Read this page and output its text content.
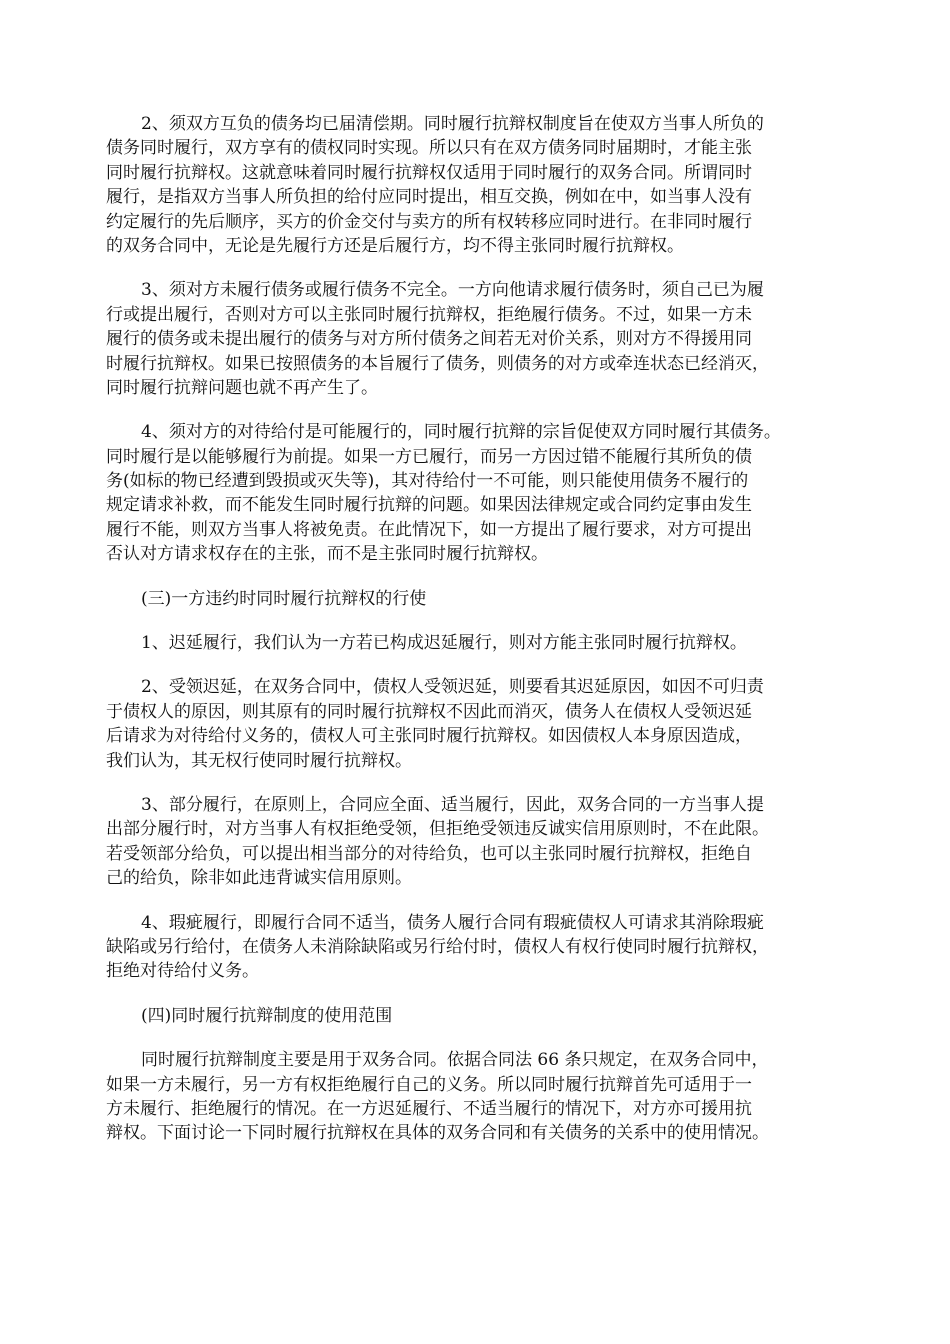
2、须双方互负的债务均已届清偿期。同时履行抗辩权制度旨在使双方当事人所负的
债务同时履行，双方享有的债权同时实现。所以只有在双方债务同时届期时，才能主张
同时履行抗辩权。这就意味着同时履行抗辩权仅适用于同时履行的双务合同。所谓同时
履行，是指双方当事人所负担的给付应同时提出，相互交换，例如在中，如当事人没有
约定履行的先后顺序，买方的价金交付与卖方的所有权转移应同时进行。在非同时履行
的双务合同中，无论是先履行方还是后履行方，均不得主张同时履行抗辩权。
3、须对方未履行债务或履行债务不完全。一方向他请求履行债务时，须自己已为履
行或提出履行，否则对方可以主张同时履行抗辩权，拒绝履行债务。不过，如果一方未
履行的债务或未提出履行的债务与对方所付债务之间若无对价关系，则对方不得援用同
时履行抗辩权。如果已按照债务的本旨履行了债务，则债务的对方或牵连状态已经消灭，
同时履行抗辩问题也就不再产生了。
4、须对方的对待给付是可能履行的，同时履行抗辩的宗旨促使双方同时履行其债务。
同时履行是以能够履行为前提。如果一方已履行，而另一方因过错不能履行其所负的债
务(如标的物已经遭到毁损或灭失等)，其对待给付一不可能，则只能使用债务不履行的
规定请求补救，而不能发生同时履行抗辩的问题。如果因法律规定或合同约定事由发生
履行不能，则双方当事人将被免责。在此情况下，如一方提出了履行要求，对方可提出
否认对方请求权存在的主张，而不是主张同时履行抗辩权。
(三)一方违约时同时履行抗辩权的行使
1、迟延履行，我们认为一方若已构成迟延履行，则对方能主张同时履行抗辩权。
2、受领迟延，在双务合同中，债权人受领迟延，则要看其迟延原因，如因不可归责
于债权人的原因，则其原有的同时履行抗辩权不因此而消灭，债务人在债权人受领迟延
后请求为对待给付义务的，债权人可主张同时履行抗辩权。如因债权人本身原因造成，
我们认为，其无权行使同时履行抗辩权。
3、部分履行，在原则上，合同应全面、适当履行，因此，双务合同的一方当事人提
出部分履行时，对方当事人有权拒绝受领，但拒绝受领违反诚实信用原则时，不在此限。
若受领部分给负，可以提出相当部分的对待给负，也可以主张同时履行抗辩权，拒绝自
己的给负，除非如此违背诚实信用原则。
4、瑕疵履行，即履行合同不适当，债务人履行合同有瑕疵债权人可请求其消除瑕疵
缺陷或另行给付，在债务人未消除缺陷或另行给付时，债权人有权行使同时履行抗辩权，
拒绝对待给付义务。
(四)同时履行抗辩制度的使用范围
同时履行抗辩制度主要是用于双务合同。依据合同法 66 条只规定，在双务合同中，
如果一方未履行，另一方有权拒绝履行自己的义务。所以同时履行抗辩首先可适用于一
方未履行、拒绝履行的情况。在一方迟延履行、不适当履行的情况下，对方亦可援用抗
辩权。下面讨论一下同时履行抗辩权在具体的双务合同和有关债务的关系中的使用情况。
